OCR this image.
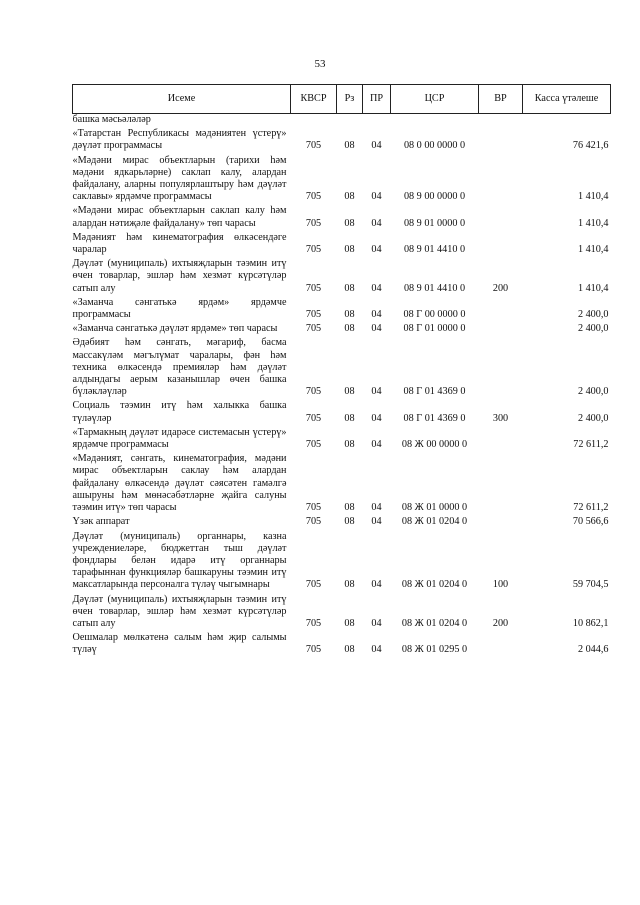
53
Исеме	КВСР	Рз	ПР	ЦСР	ВР	Касса үтәлеше
башка мәсьәләләр						
«Татарстан Республикасы мәдәниятен үстерү» дәүләт программасы	705	08	04	08 0 00 0000 0		76 421,6
«Мәдәни мирас объектларын (тарихи һәм мәдәни ядкарьләрне) саклап калу, алардан файдалану, аларны популярлаштыру һәм дәүләт саклавы» ярдәмче программасы	705	08	04	08 9 00 0000 0		1 410,4
«Мәдәни мирас объектларын саклап калу һәм алардан нәтиҗәле файдалану» төп чарасы	705	08	04	08 9 01 0000 0		1 410,4
Мәдәният һәм кинематография өлкәсендәге чаралар	705	08	04	08 9 01 4410 0		1 410,4
Дәүләт (муниципаль) ихтыяҗларын тәэмин итү өчен товарлар, эшләр һәм хезмәт күрсәтүләр сатып алу	705	08	04	08 9 01 4410 0	200	1 410,4
«Заманча сәнгатькә ярдәм» ярдәмче программасы	705	08	04	08 Г 00 0000 0		2 400,0
«Заманча сәнгатькә дәүләт ярдәме» төп чарасы	705	08	04	08 Г 01 0000 0		2 400,0
Әдәбият һәм сәнгать, мәгариф, басма массакүләм мәгълүмат чаралары, фән һәм техника өлкәсендә премияләр һәм дәүләт алдындагы аерым казанышлар өчен башка бүләкләүләр	705	08	04	08 Г 01 4369 0		2 400,0
Социаль тәэмин итү һәм халыкка башка түләүләр	705	08	04	08 Г 01 4369 0	300	2 400,0
«Тармакның дәүләт идарәсе системасын үстерү» ярдәмче программасы	705	08	04	08 Ж 00 0000 0		72 611,2
«Мәдәният, сәнгать, кинематография, мәдәни мирас объектларын саклау һәм алардан файдалану өлкәсендә дәүләт сәясәтен гамәлгә ашыруны һәм мөнәсәбәтләрне җайга салуны тәэмин итү» төп чарасы	705	08	04	08 Ж 01 0000 0		72 611,2
Үзәк аппарат	705	08	04	08 Ж 01 0204 0		70 566,6
Дәүләт (муниципаль) органнары, казна учреждениеләре, бюджеттан тыш дәүләт фондлары белән идарә итү органнары тарафыннан функцияләр башкаруны тәэмин итү максатларында персоналга түләү чыгымнары	705	08	04	08 Ж 01 0204 0	100	59 704,5
Дәүләт (муниципаль) ихтыяҗларын тәэмин итү өчен товарлар, эшләр һәм хезмәт күрсәтүләр сатып алу	705	08	04	08 Ж 01 0204 0	200	10 862,1
Оешмалар мөлкәтенә салым һәм җир салымы түләү	705	08	04	08 Ж 01 0295 0		2 044,6
